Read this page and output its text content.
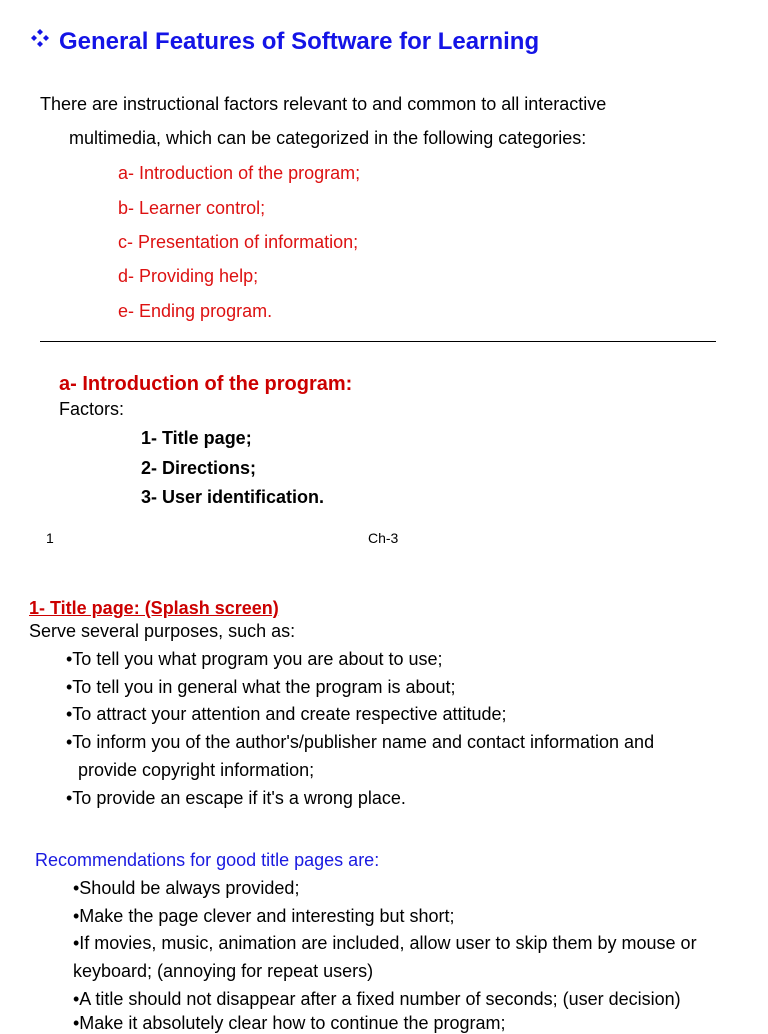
General Features of Software for Learning
There are instructional factors relevant to and common to all interactive
multimedia, which can be categorized in the following categories:
a- Introduction of the program;
b- Learner control;
c- Presentation of information;
d- Providing help;
e- Ending program.
a- Introduction of the program:
Factors:
1- Title page;
2- Directions;
3- User identification.
1	Ch-3
1- Title page: (Splash screen)
Serve several purposes, such as:
•To tell you what program you are about to use;
•To tell you in general what the program is about;
•To attract your attention and create respective attitude;
•To inform you of the author's/publisher name and contact information and
provide copyright information;
•To provide an escape if it's a wrong place.
Recommendations for good title pages are:
•Should be always provided;
•Make the page clever and interesting but short;
•If movies, music, animation are included, allow user to skip them by mouse or
keyboard; (annoying for repeat users)
•A title should not disappear after a fixed number of seconds; (user decision)
•Make it absolutely clear how to continue the program;
